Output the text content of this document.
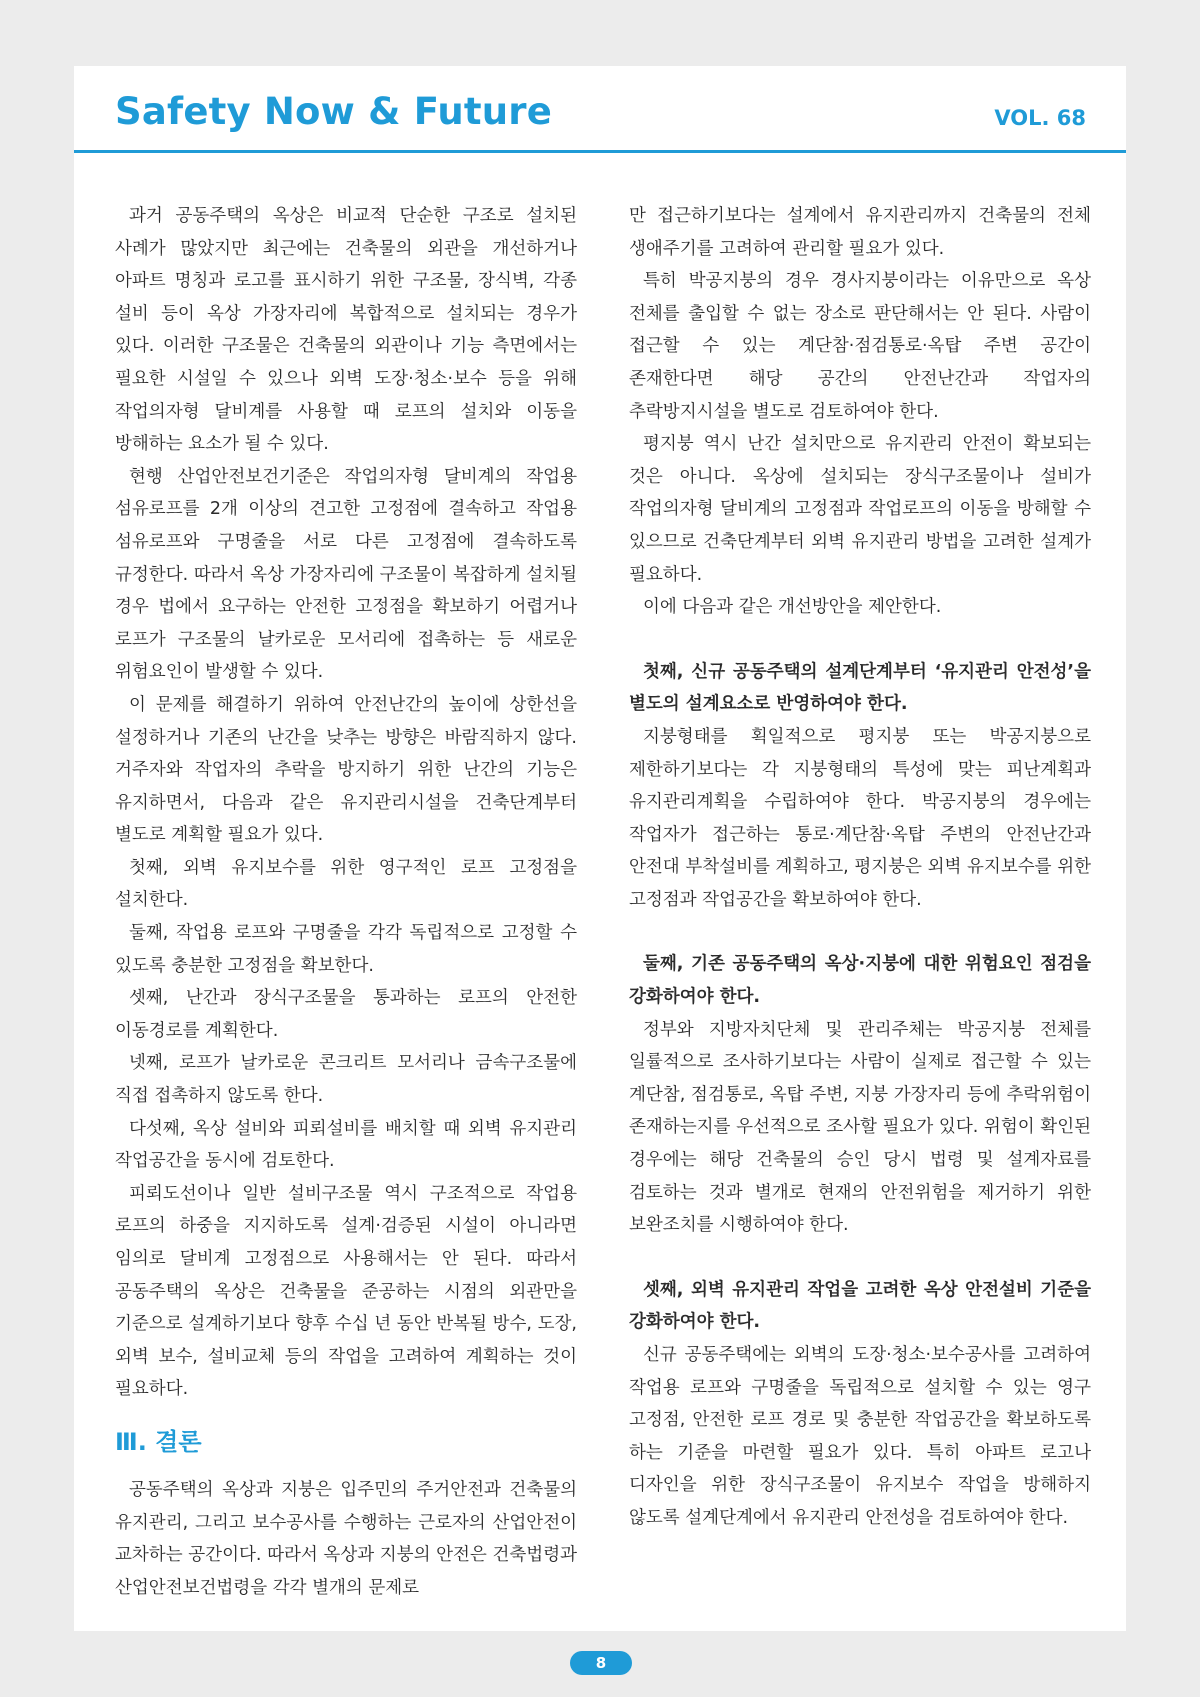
Safety Now & Future	VOL. 68

과거 공동주택의 옥상은 비교적 단순한 구조로 설치된 사례가 많았지만 최근에는 건축물의 외관을 개선하거나 아파트 명칭과 로고를 표시하기 위한 구조물, 장식벽, 각종 설비 등이 옥상 가장자리에 복합적으로 설치되는 경우가 있다. 이러한 구조물은 건축물의 외관이나 기능 측면에서는 필요한 시설일 수 있으나 외벽 도장·청소·보수 등을 위해 작업의자형 달비계를 사용할 때 로프의 설치와 이동을 방해하는 요소가 될 수 있다.

현행 산업안전보건기준은 작업의자형 달비계의 작업용 섬유로프를 2개 이상의 견고한 고정점에 결속하고 작업용 섬유로프와 구명줄을 서로 다른 고정점에 결속하도록 규정한다. 따라서 옥상 가장자리에 구조물이 복잡하게 설치될 경우 법에서 요구하는 안전한 고정점을 확보하기 어렵거나 로프가 구조물의 날카로운 모서리에 접촉하는 등 새로운 위험요인이 발생할 수 있다.

이 문제를 해결하기 위하여 안전난간의 높이에 상한선을 설정하거나 기존의 난간을 낮추는 방향은 바람직하지 않다. 거주자와 작업자의 추락을 방지하기 위한 난간의 기능은 유지하면서, 다음과 같은 유지관리시설을 건축단계부터 별도로 계획할 필요가 있다.

첫째, 외벽 유지보수를 위한 영구적인 로프 고정점을 설치한다.

둘째, 작업용 로프와 구명줄을 각각 독립적으로 고정할 수 있도록 충분한 고정점을 확보한다.

셋째, 난간과 장식구조물을 통과하는 로프의 안전한 이동경로를 계획한다.

넷째, 로프가 날카로운 콘크리트 모서리나 금속구조물에 직접 접촉하지 않도록 한다.

다섯째, 옥상 설비와 피뢰설비를 배치할 때 외벽 유지관리 작업공간을 동시에 검토한다.

피뢰도선이나 일반 설비구조물 역시 구조적으로 작업용 로프의 하중을 지지하도록 설계·검증된 시설이 아니라면 임의로 달비계 고정점으로 사용해서는 안 된다. 따라서 공동주택의 옥상은 건축물을 준공하는 시점의 외관만을 기준으로 설계하기보다 향후 수십 년 동안 반복될 방수, 도장, 외벽 보수, 설비교체 등의 작업을 고려하여 계획하는 것이 필요하다.

Ⅲ. 결론

공동주택의 옥상과 지붕은 입주민의 주거안전과 건축물의 유지관리, 그리고 보수공사를 수행하는 근로자의 산업안전이 교차하는 공간이다. 따라서 옥상과 지붕의 안전은 건축법령과 산업안전보건법령을 각각 별개의 문제로

만 접근하기보다는 설계에서 유지관리까지 건축물의 전체 생애주기를 고려하여 관리할 필요가 있다.

특히 박공지붕의 경우 경사지붕이라는 이유만으로 옥상 전체를 출입할 수 없는 장소로 판단해서는 안 된다. 사람이 접근할 수 있는 계단참·점검통로·옥탑 주변 공간이 존재한다면 해당 공간의 안전난간과 작업자의 추락방지시설을 별도로 검토하여야 한다.

평지붕 역시 난간 설치만으로 유지관리 안전이 확보되는 것은 아니다. 옥상에 설치되는 장식구조물이나 설비가 작업의자형 달비계의 고정점과 작업로프의 이동을 방해할 수 있으므로 건축단계부터 외벽 유지관리 방법을 고려한 설계가 필요하다.

이에 다음과 같은 개선방안을 제안한다.

첫째, 신규 공동주택의 설계단계부터 ‘유지관리 안전성’을 별도의 설계요소로 반영하여야 한다.

지붕형태를 획일적으로 평지붕 또는 박공지붕으로 제한하기보다는 각 지붕형태의 특성에 맞는 피난계획과 유지관리계획을 수립하여야 한다. 박공지붕의 경우에는 작업자가 접근하는 통로·계단참·옥탑 주변의 안전난간과 안전대 부착설비를 계획하고, 평지붕은 외벽 유지보수를 위한 고정점과 작업공간을 확보하여야 한다.

둘째, 기존 공동주택의 옥상·지붕에 대한 위험요인 점검을 강화하여야 한다.

정부와 지방자치단체 및 관리주체는 박공지붕 전체를 일률적으로 조사하기보다는 사람이 실제로 접근할 수 있는 계단참, 점검통로, 옥탑 주변, 지붕 가장자리 등에 추락위험이 존재하는지를 우선적으로 조사할 필요가 있다. 위험이 확인된 경우에는 해당 건축물의 승인 당시 법령 및 설계자료를 검토하는 것과 별개로 현재의 안전위험을 제거하기 위한 보완조치를 시행하여야 한다.

셋째, 외벽 유지관리 작업을 고려한 옥상 안전설비 기준을 강화하여야 한다.

신규 공동주택에는 외벽의 도장·청소·보수공사를 고려하여 작업용 로프와 구명줄을 독립적으로 설치할 수 있는 영구 고정점, 안전한 로프 경로 및 충분한 작업공간을 확보하도록 하는 기준을 마련할 필요가 있다. 특히 아파트 로고나 디자인을 위한 장식구조물이 유지보수 작업을 방해하지 않도록 설계단계에서 유지관리 안전성을 검토하여야 한다.

8
